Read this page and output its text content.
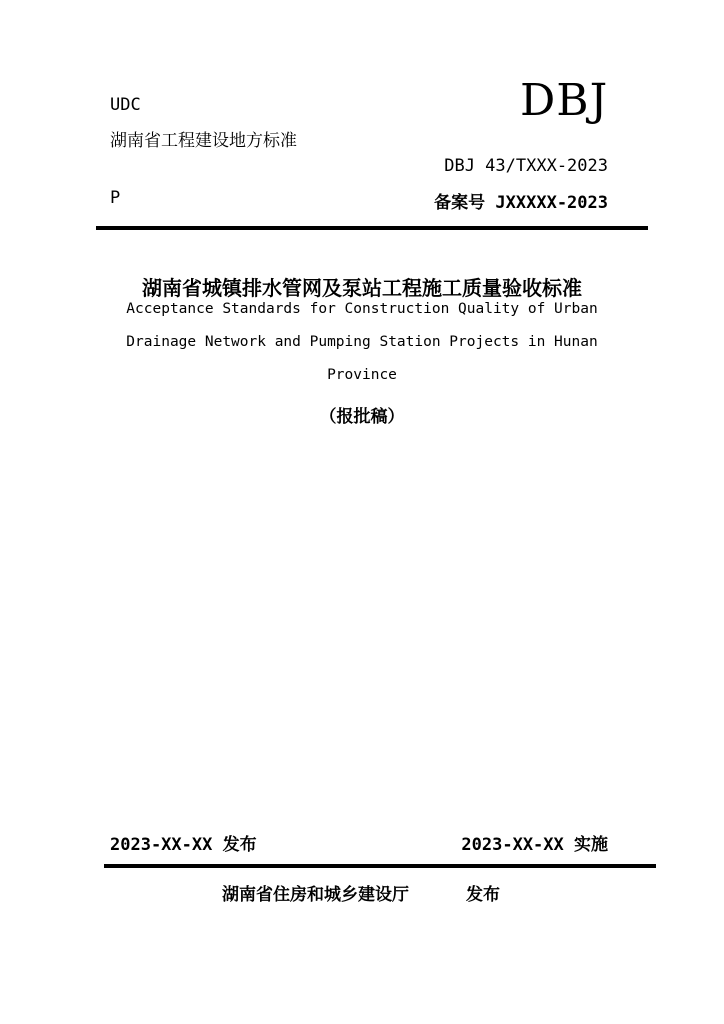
UDC
湖南省工程建设地方标准
DBJ
DBJ 43/TXXX-2023
P	备案号 JXXXXX-2023
湖南省城镇排水管网及泵站工程施工质量验收标准
Acceptance Standards for Construction Quality of Urban
Drainage Network and Pumping Station Projects in Hunan
Province
（报批稿）
2023-XX-XX 发布	2023-XX-XX 实施
湖南省住房和城乡建设厅	发布
